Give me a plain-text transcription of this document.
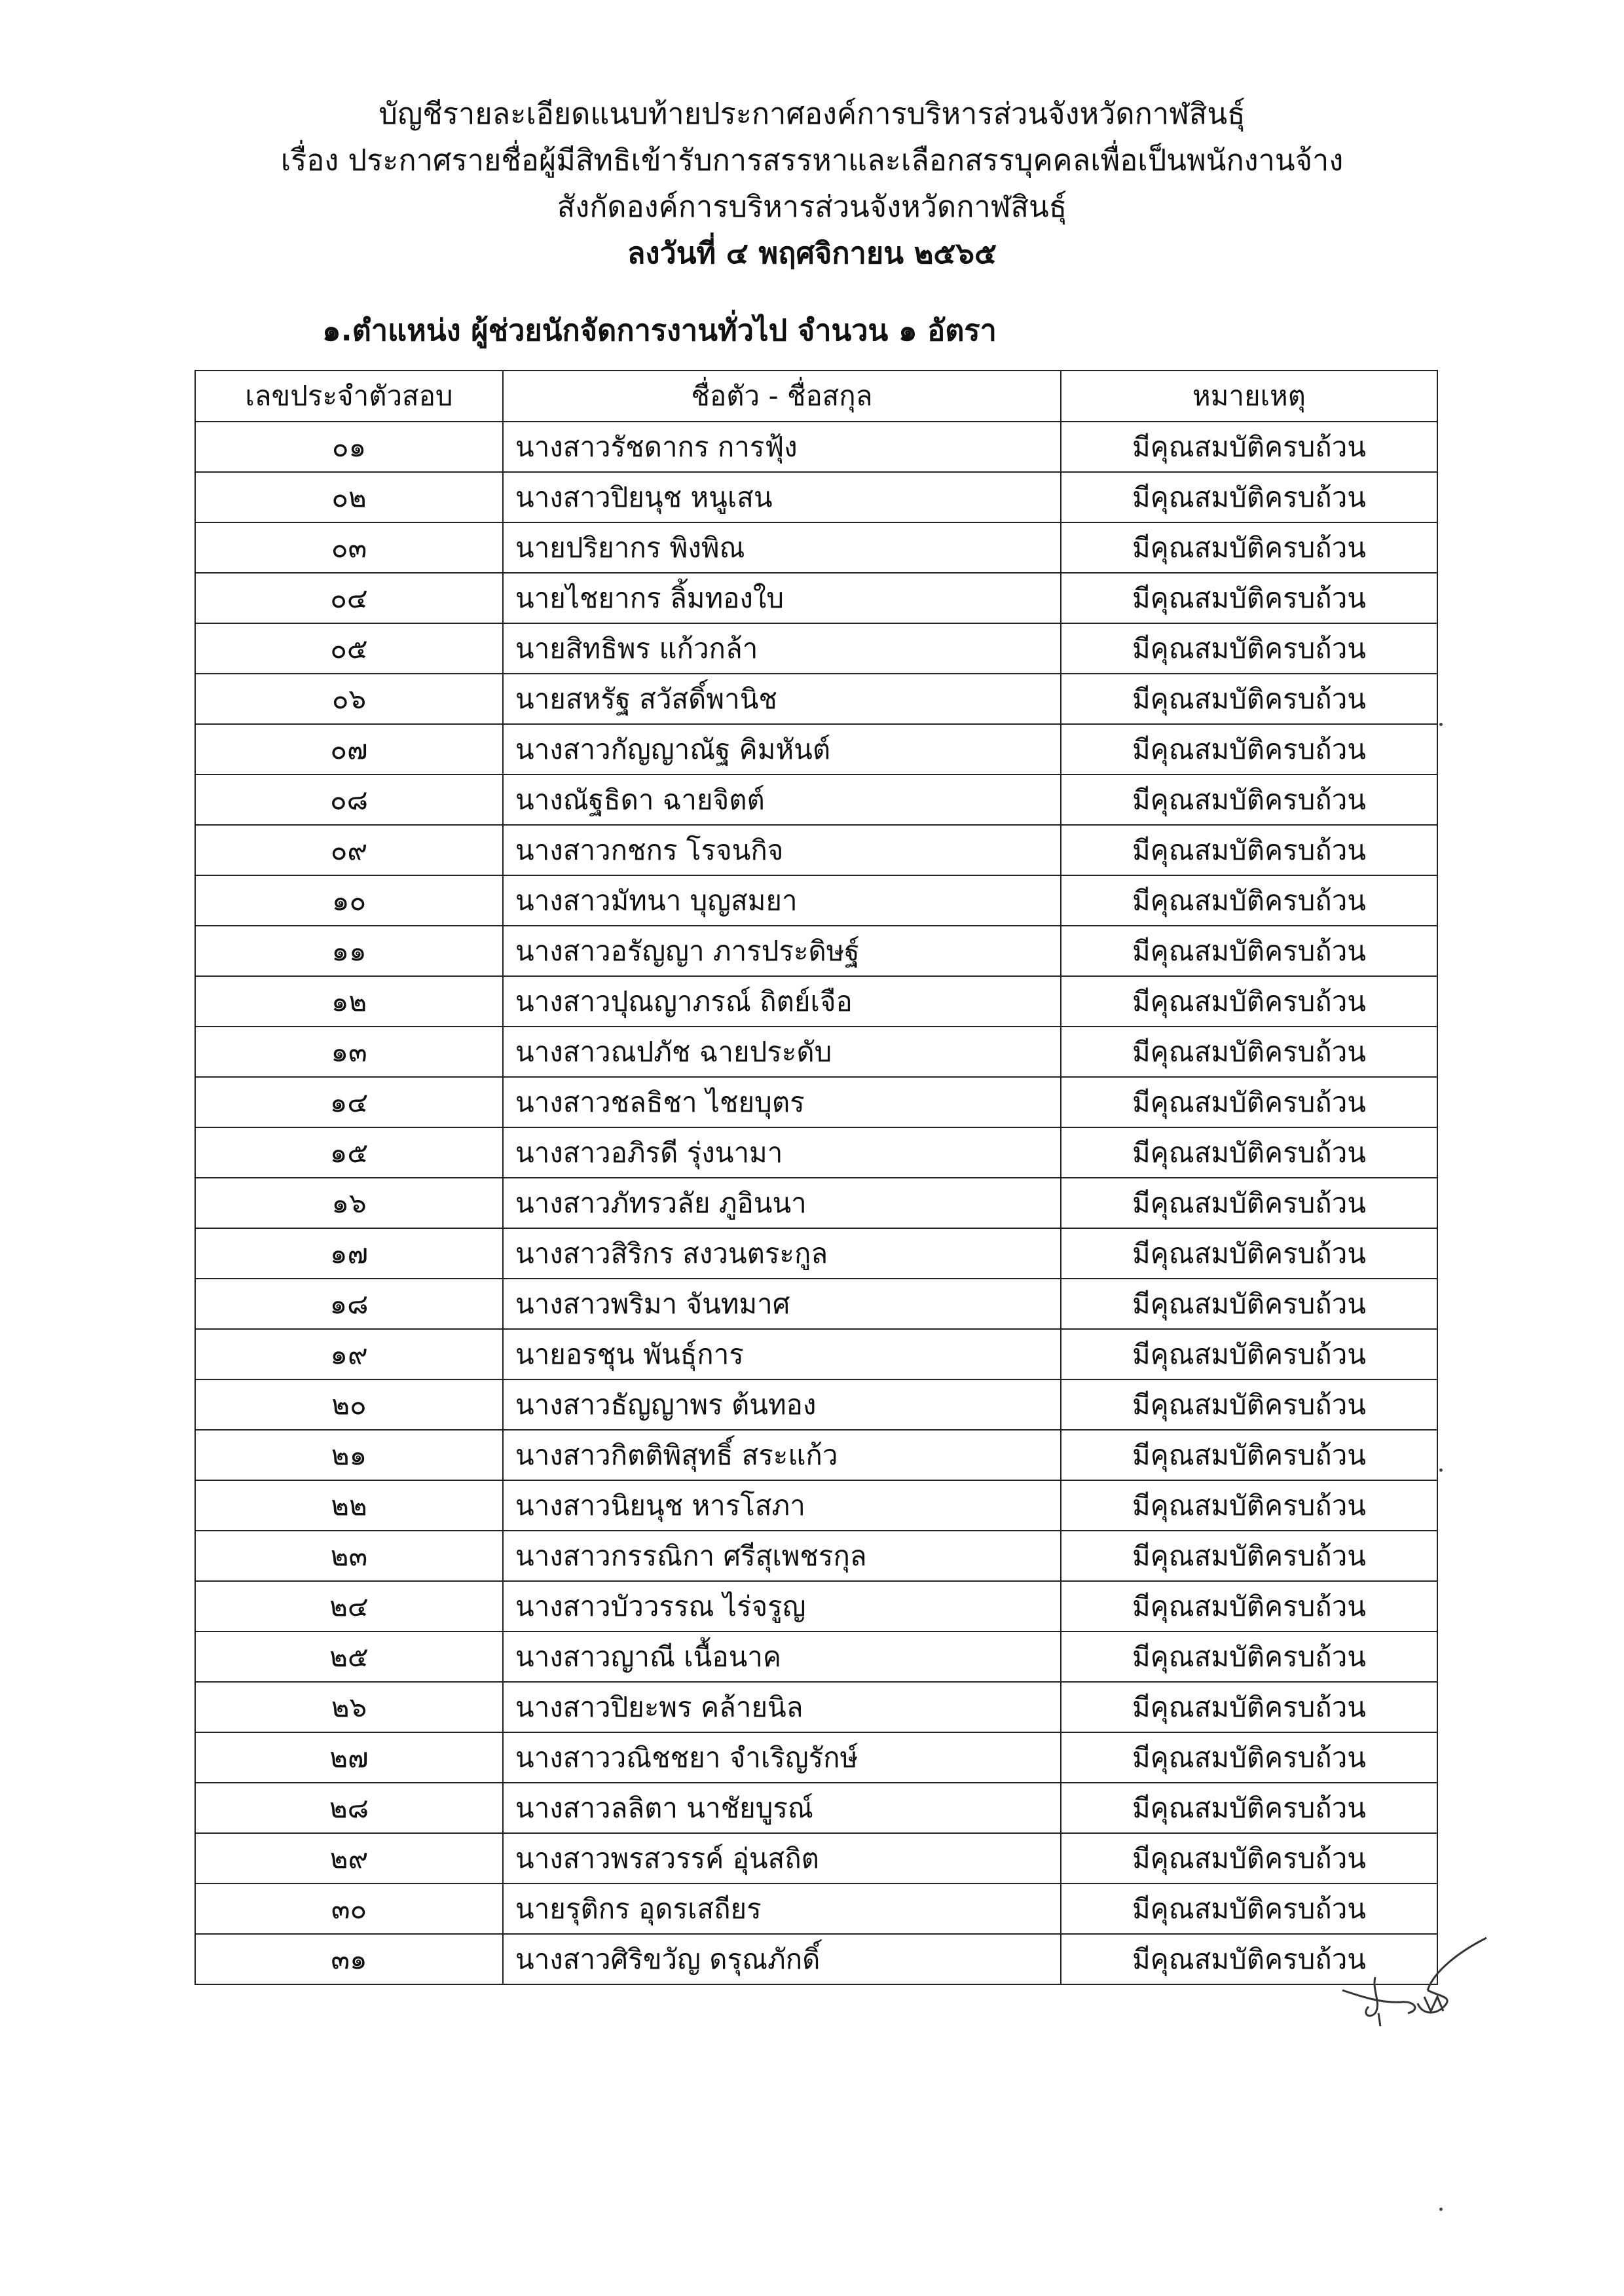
บัญชีรายละเอียดแนบท้ายประกาศองค์การบริหารส่วนจังหวัดกาฬสินธุ์
เรื่อง ประกาศรายชื่อผู้มีสิทธิเข้ารับการสรรหาและเลือกสรรบุคคลเพื่อเป็นพนักงานจ้าง
สังกัดองค์การบริหารส่วนจังหวัดกาฬสินธุ์
ลงวันที่ ๔ พฤศจิกายน ๒๕๖๕
๑.ตำแหน่ง ผู้ช่วยนักจัดการงานทั่วไป จำนวน ๑ อัตรา
เลขประจำตัวสอบ	ชื่อตัว - ชื่อสกุล	หมายเหตุ
๐๑	นางสาวรัชดากร การฟุ้ง	มีคุณสมบัติครบถ้วน
๐๒	นางสาวปิยนุช หนูเสน	มีคุณสมบัติครบถ้วน
๐๓	นายปริยากร พิงพิณ	มีคุณสมบัติครบถ้วน
๐๔	นายไชยากร ลิ้มทองใบ	มีคุณสมบัติครบถ้วน
๐๕	นายสิทธิพร แก้วกล้า	มีคุณสมบัติครบถ้วน
๐๖	นายสหรัฐ สวัสดิ์พานิช	มีคุณสมบัติครบถ้วน
๐๗	นางสาวกัญญาณัฐ คิมหันต์	มีคุณสมบัติครบถ้วน
๐๘	นางณัฐธิดา ฉายจิตต์	มีคุณสมบัติครบถ้วน
๐๙	นางสาวกชกร โรจนกิจ	มีคุณสมบัติครบถ้วน
๑๐	นางสาวมัทนา บุญสมยา	มีคุณสมบัติครบถ้วน
๑๑	นางสาวอรัญญา ภารประดิษฐ์	มีคุณสมบัติครบถ้วน
๑๒	นางสาวปุณญาภรณ์ ถิตย์เจือ	มีคุณสมบัติครบถ้วน
๑๓	นางสาวณปภัช ฉายประดับ	มีคุณสมบัติครบถ้วน
๑๔	นางสาวชลธิชา ไชยบุตร	มีคุณสมบัติครบถ้วน
๑๕	นางสาวอภิรดี รุ่งนามา	มีคุณสมบัติครบถ้วน
๑๖	นางสาวภัทรวลัย ภูอินนา	มีคุณสมบัติครบถ้วน
๑๗	นางสาวสิริกร สงวนตระกูล	มีคุณสมบัติครบถ้วน
๑๘	นางสาวพริมา จันทมาศ	มีคุณสมบัติครบถ้วน
๑๙	นายอรชุน พันธุ์การ	มีคุณสมบัติครบถ้วน
๒๐	นางสาวธัญญาพร ต้นทอง	มีคุณสมบัติครบถ้วน
๒๑	นางสาวกิตติพิสุทธิ์ สระแก้ว	มีคุณสมบัติครบถ้วน
๒๒	นางสาวนิยนุช หารโสภา	มีคุณสมบัติครบถ้วน
๒๓	นางสาวกรรณิกา ศรีสุเพชรกุล	มีคุณสมบัติครบถ้วน
๒๔	นางสาวบัววรรณ ไร่จรูญ	มีคุณสมบัติครบถ้วน
๒๕	นางสาวญาณี เนื้อนาค	มีคุณสมบัติครบถ้วน
๒๖	นางสาวปิยะพร คล้ายนิล	มีคุณสมบัติครบถ้วน
๒๗	นางสาววณิชชยา จำเริญรักษ์	มีคุณสมบัติครบถ้วน
๒๘	นางสาวลลิตา นาชัยบูรณ์	มีคุณสมบัติครบถ้วน
๒๙	นางสาวพรสวรรค์ อุ่นสถิต	มีคุณสมบัติครบถ้วน
๓๐	นายรุติกร อุดรเสถียร	มีคุณสมบัติครบถ้วน
๓๑	นางสาวศิริขวัญ ดรุณภักดิ์	มีคุณสมบัติครบถ้วน
